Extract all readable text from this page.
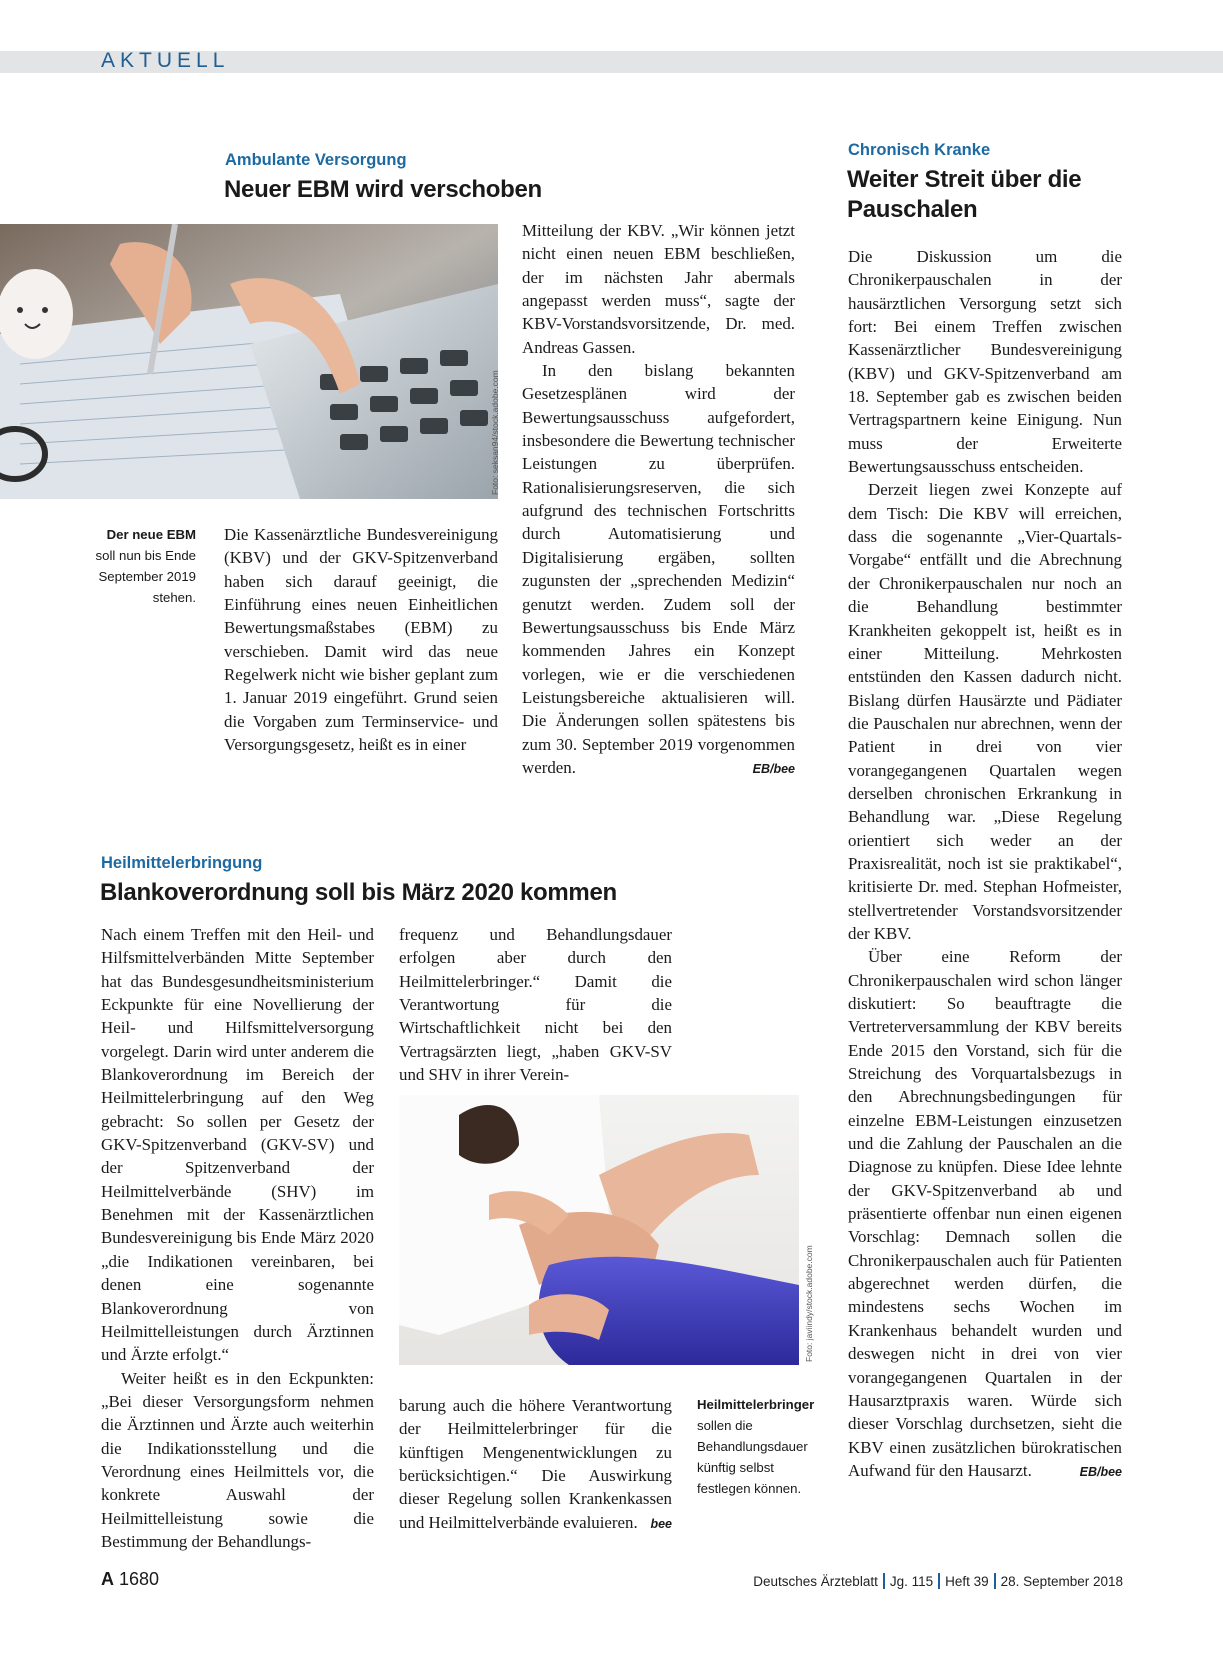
AKTUELL
Ambulante Versorgung
Neuer EBM wird verschoben
Foto: seksan94/stock.adobe.com
Der neue EBM
soll nun bis Ende September 2019 stehen.

Die Kassenärztliche Bundesvereinigung (KBV) und der GKV-Spitzenverband haben sich darauf geeinigt, die Einführung eines neuen Einheitlichen Bewertungsmaßstabes (EBM) zu verschieben. Damit wird das neue Regelwerk nicht wie bisher geplant zum 1. Januar 2019 eingeführt. Grund seien die Vorgaben zum Terminservice- und Versorgungsgesetz, heißt es in einer

Mitteilung der KBV. „Wir können jetzt nicht einen neuen EBM beschließen, der im nächsten Jahr abermals angepasst werden muss“, sagte der KBV-Vorstandsvorsitzende, Dr. med. Andreas Gassen.

In den bislang bekannten Gesetzesplänen wird der Bewertungsausschuss aufgefordert, insbesondere die Bewertung technischer Leistungen zu überprüfen. Rationalisierungsreserven, die sich aufgrund des technischen Fortschritts durch Automatisierung und Digitalisierung ergäben, sollten zugunsten der „sprechenden Medizin“ genutzt werden. Zudem soll der Bewertungsausschuss bis Ende März kommenden Jahres ein Konzept vorlegen, wie er die verschiedenen Leistungsbereiche aktualisieren will. Die Änderungen sollen spätestens bis zum 30. September 2019 vorgenommen werden.	EB/bee
Heilmittelerbringung
Blankoverordnung soll bis März 2020 kommen

Nach einem Treffen mit den Heil- und Hilfsmittelverbänden Mitte September hat das Bundesgesundheitsministerium Eckpunkte für eine Novellierung der Heil- und Hilfsmittelversorgung vorgelegt. Darin wird unter anderem die Blankoverordnung im Bereich der Heilmittelerbringung auf den Weg gebracht: So sollen per Gesetz der GKV-Spitzenverband (GKV-SV) und der Spitzenverband der Heilmittelverbände (SHV) im Benehmen mit der Kassenärztlichen Bundesvereinigung bis Ende März 2020 „die Indikationen vereinbaren, bei denen eine sogenannte Blankoverordnung von Heilmittelleistungen durch Ärztinnen und Ärzte erfolgt.“

Weiter heißt es in den Eckpunkten: „Bei dieser Versorgungsform nehmen die Ärztinnen und Ärzte auch weiterhin die Indikationsstellung und die Verordnung eines Heilmittels vor, die konkrete Auswahl der Heilmittelleistung sowie die Bestimmung der Behandlungs-

frequenz und Behandlungsdauer erfolgen aber durch den Heilmittelerbringer.“ Damit die Verantwortung für die Wirtschaftlichkeit nicht bei den Vertragsärzten liegt, „haben GKV-SV und SHV in ihrer Verein-

Foto: javiindy/stock.adobe.com

barung auch die höhere Verantwortung der Heilmittelerbringer für die künftigen Mengenentwicklungen zu berücksichtigen.“ Die Auswirkung dieser Regelung sollen Krankenkassen und Heilmittelverbände evaluieren.	bee
Heilmittelerbringer sollen die Behandlungsdauer künftig selbst festlegen können.
Chronisch Kranke
Weiter Streit über die Pauschalen

Die Diskussion um die Chronikerpauschalen in der hausärztlichen Versorgung setzt sich fort: Bei einem Treffen zwischen Kassenärztlicher Bundesvereinigung (KBV) und GKV-Spitzenverband am 18. September gab es zwischen beiden Vertragspartnern keine Einigung. Nun muss der Erweiterte Bewertungsausschuss entscheiden.

Derzeit liegen zwei Konzepte auf dem Tisch: Die KBV will erreichen, dass die sogenannte „Vier-Quartals-Vorgabe“ entfällt und die Abrechnung der Chronikerpauschalen nur noch an die Behandlung bestimmter Krankheiten gekoppelt ist, heißt es in einer Mitteilung. Mehrkosten entstünden den Kassen dadurch nicht. Bislang dürfen Hausärzte und Pädiater die Pauschalen nur abrechnen, wenn der Patient in drei von vier vorangegangenen Quartalen wegen derselben chronischen Erkrankung in Behandlung war. „Diese Regelung orientiert sich weder an der Praxisrealität, noch ist sie praktikabel“, kritisierte Dr. med. Stephan Hofmeister, stellvertretender Vorstandsvorsitzender der KBV.

Über eine Reform der Chronikerpauschalen wird schon länger diskutiert: So beauftragte die Vertreterversammlung der KBV bereits Ende 2015 den Vorstand, sich für die Streichung des Vorquartalsbezugs in den Abrechnungsbedingungen für einzelne EBM-Leistungen einzusetzen und die Zahlung der Pauschalen an die Diagnose zu knüpfen. Diese Idee lehnte der GKV-Spitzenverband ab und präsentierte offenbar nun einen eigenen Vorschlag: Demnach sollen die Chronikerpauschalen auch für Patienten abgerechnet werden dürfen, die mindestens sechs Wochen im Krankenhaus behandelt wurden und deswegen nicht in drei von vier vorangegangenen Quartalen in der Hausarztpraxis waren. Würde sich dieser Vorschlag durchsetzen, sieht die KBV einen zusätzlichen bürokratischen Aufwand für den Hausarzt.	EB/bee
A 1680	Deutsches Ärzteblatt Jg. 115 Heft 39 28. September 2018
